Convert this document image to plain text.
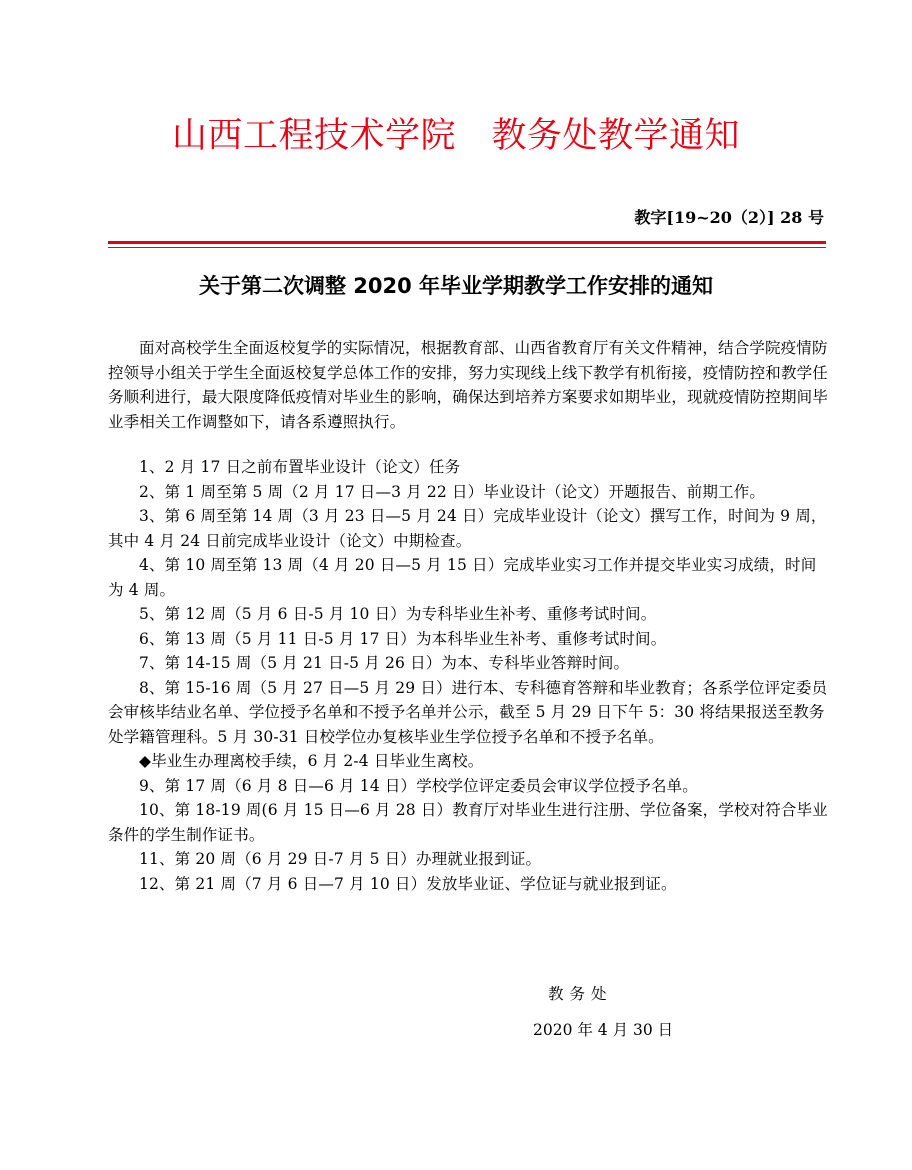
山西工程技术学院　教务处教学通知
教字[19~20（2）] 28 号
关于第二次调整 2020 年毕业学期教学工作安排的通知
面对高校学生全面返校复学的实际情况，根据教育部、山西省教育厅有关文件精神，结合学院疫情防控领导小组关于学生全面返校复学总体工作的安排，努力实现线上线下教学有机衔接，疫情防控和教学任务顺利进行，最大限度降低疫情对毕业生的影响，确保达到培养方案要求如期毕业，现就疫情防控期间毕业季相关工作调整如下，请各系遵照执行。

1、2 月 17 日之前布置毕业设计（论文）任务

2、第 1 周至第 5 周（2 月 17 日—3 月 22 日）毕业设计（论文）开题报告、前期工作。

3、第 6 周至第 14 周（3 月 23 日—5 月 24 日）完成毕业设计（论文）撰写工作，时间为 9 周，其中 4 月 24 日前完成毕业设计（论文）中期检查。

4、第 10 周至第 13 周（4 月 20 日—5 月 15 日）完成毕业实习工作并提交毕业实习成绩，时间为 4 周。

5、第 12 周（5 月 6 日-5 月 10 日）为专科毕业生补考、重修考试时间。

6、第 13 周（5 月 11 日-5 月 17 日）为本科毕业生补考、重修考试时间。

7、第 14-15 周（5 月 21 日-5 月 26 日）为本、专科毕业答辩时间。

8、第 15-16 周（5 月 27 日—5 月 29 日）进行本、专科德育答辩和毕业教育；各系学位评定委员会审核毕结业名单、学位授予名单和不授予名单并公示，截至 5 月 29 日下午 5：30 将结果报送至教务处学籍管理科。5 月 30-31 日校学位办复核毕业生学位授予名单和不授予名单。

◆毕业生办理离校手续，6 月 2-4 日毕业生离校。

9、第 17 周（6 月 8 日—6 月 14 日）学校学位评定委员会审议学位授予名单。

10、第 18-19 周(6 月 15 日—6 月 28 日）教育厅对毕业生进行注册、学位备案，学校对符合毕业条件的学生制作证书。

11、第 20 周（6 月 29 日-7 月 5 日）办理就业报到证。

12、第 21 周（7 月 6 日—7 月 10 日）发放毕业证、学位证与就业报到证。

教务处
2020 年 4 月 30 日
